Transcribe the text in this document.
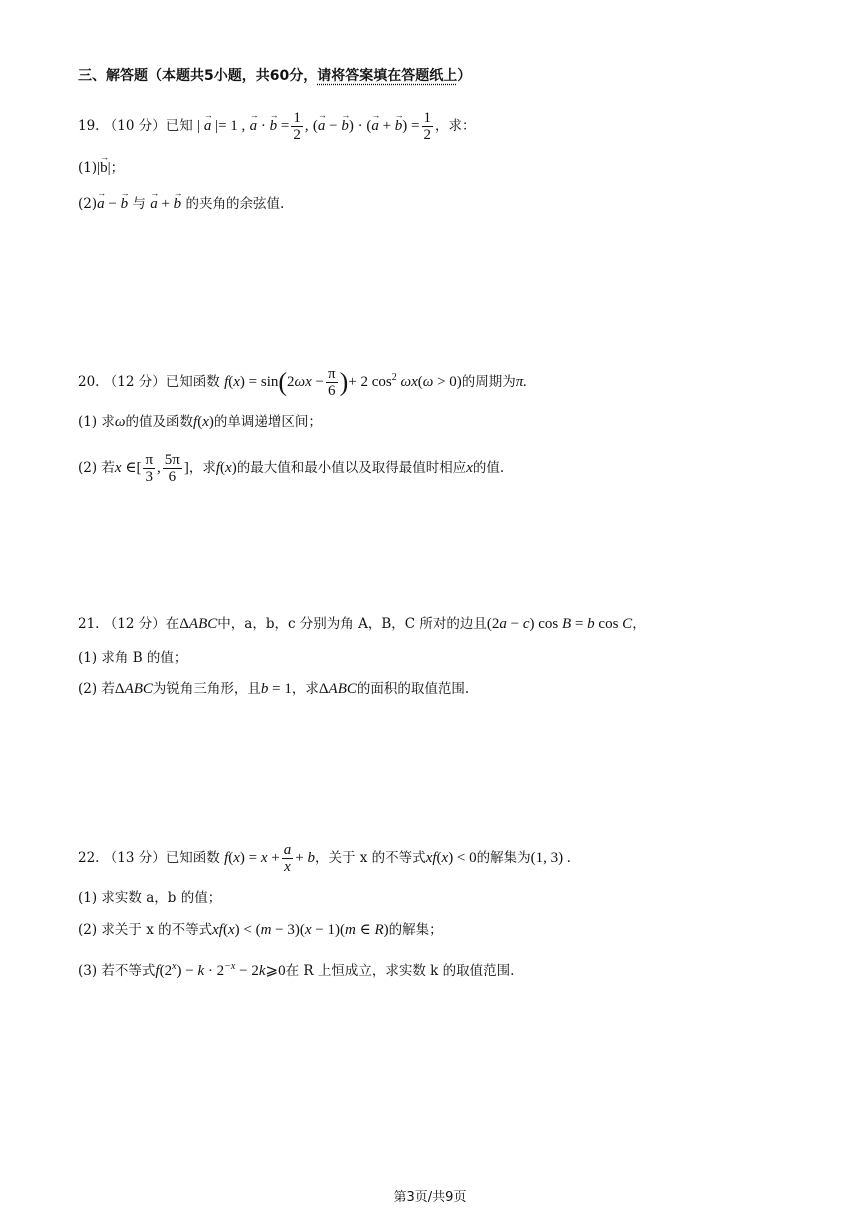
三、解答题（本题共5小题，共60分，请将答案填在答题纸上）
19. （10 分）已知 | → a |= 1 , → a · → $b = \frac{1}{2}$ , (→ a − → b) · (→ a + → $b) = \frac{1}{2}$ ，求：
(1)|→ b|；
(2)→ a − → b 与 → a + → b 的夹角的余弦值.
20. （12 分）已知函数 $f(x) = \sin(2\omega x - \frac{\pi}{6}$ )+ 2 $\cos^2 \omega x(\omega > 0)$的周期为π.
(1) 求ω的值及函数f(x)的单调递增区间；
(2) 若x ∈[ $\frac{\pi}{3}$ , $\frac{5\pi}{6}$ ]，求f(x)的最大值和最小值以及取得最值时相应x的值.
21. （12 分）在ΔABC中，a，b，c 分别为角 A，B，C 所对的边且(2a − c) cos B = b cos C，
(1) 求角 B 的值；
(2) 若ΔABC为锐角三角形，且b = 1，求ΔABC的面积的取值范围.
22. （13 分）已知函数 $f(x) = x + \frac{a}{x} + b$，关于 x 的不等式xf(x) < 0的解集为(1, 3) .
(1) 求实数 a，b 的值；
(2) 求关于 x 的不等式xf(x) < (m − 3)(x − 1)(m ∈ R)的解集；
(3) 若不等式$f(2^x) - k \cdot 2^{-x}$ − 2k⩾0在 R 上恒成立，求实数 k 的取值范围.
第3页/共9页
